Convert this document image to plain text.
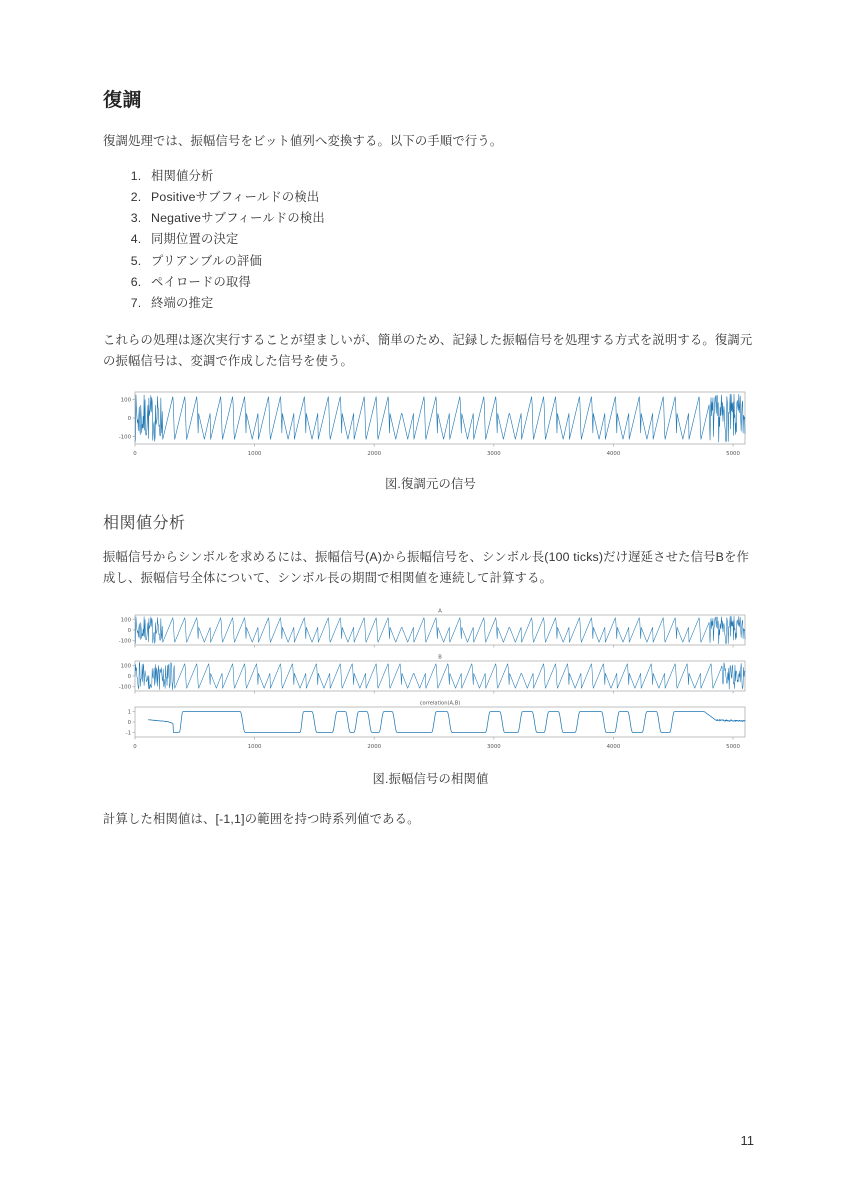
復調

復調処理では、振幅信号をビット値列へ変換する。以下の手順で行う。

1. 相関値分析
2. Positiveサブフィールドの検出
3. Negativeサブフィールドの検出
4. 同期位置の決定
5. プリアンブルの評価
6. ペイロードの取得
7. 終端の推定

これらの処理は逐次実行することが望ましいが、簡単のため、記録した振幅信号を処理する方式を説明する。復調元の振幅信号は、変調で作成した信号を使う。

0	1000	2000	3000	4000	5000
100
0
-100
図.復調元の信号
相関値分析

振幅信号からシンボルを求めるには、振幅信号(A)から振幅信号を、シンボル長(100 ticks)だけ遅延させた信号Bを作成し、振幅信号全体について、シンボル長の期間で相関値を連続して計算する。

A
100
0
-100
B
100
0
-100
correlation(A,B)
0	1000	2000	3000	4000	5000
1
0
-1
図.振幅信号の相関値

計算した相関値は、[-1,1]の範囲を持つ時系列値である。

11
